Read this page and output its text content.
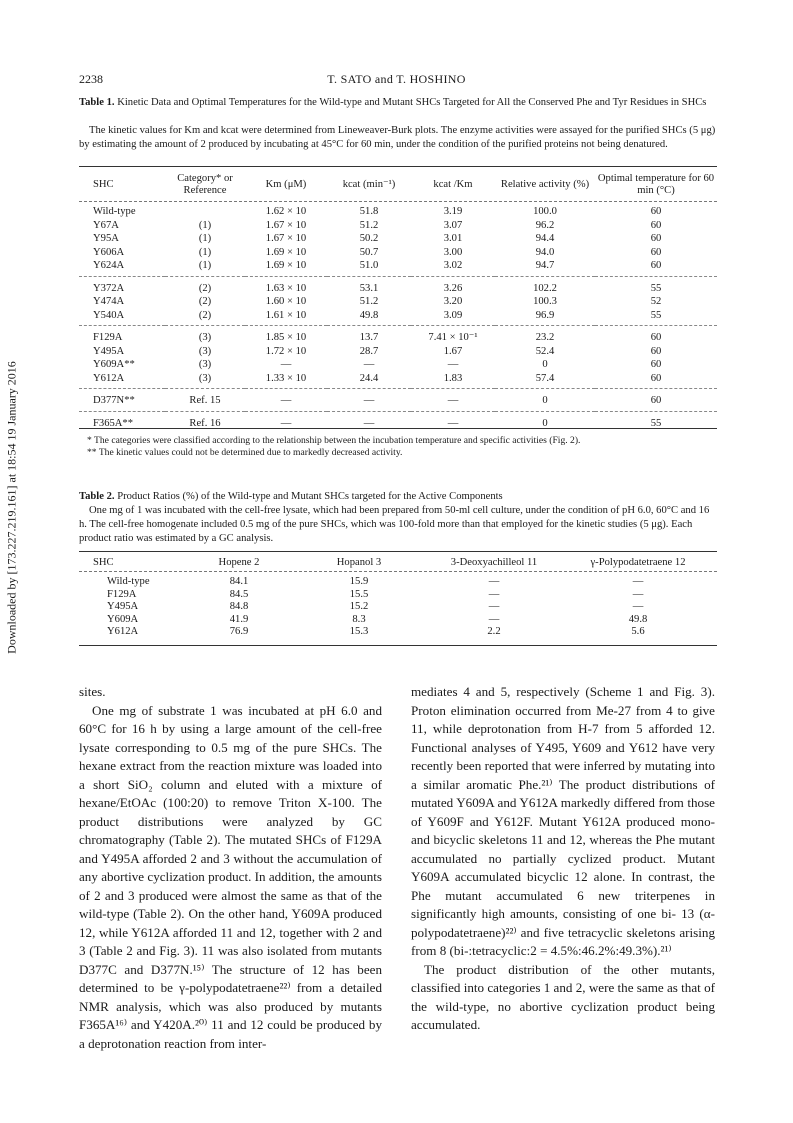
2238	T. SATO and T. HOSHINO
Downloaded by [173.227.219.161] at 18:54 19 January 2016
Table 1. Kinetic Data and Optimal Temperatures for the Wild-type and Mutant SHCs Targeted for All the Conserved Phe and Tyr Residues in SHCs
The kinetic values for Km and kcat were determined from Lineweaver-Burk plots. The enzyme activities were assayed for the purified SHCs (5 μg) by estimating the amount of 2 produced by incubating at 45°C for 60 min, under the condition of the purified proteins not being denatured.
SHC	Category* or Reference	Km (μM)	kcat (min⁻¹)	kcat /Km	Relative activity (%)	Optimal temperature for 60 min (°C)
Wild-type		1.62 × 10	51.8	3.19	100.0	60
Y67A	(1)	1.67 × 10	51.2	3.07	96.2	60
Y95A	(1)	1.67 × 10	50.2	3.01	94.4	60
Y606A	(1)	1.69 × 10	50.7	3.00	94.0	60
Y624A	(1)	1.69 × 10	51.0	3.02	94.7	60
Y372A	(2)	1.63 × 10	53.1	3.26	102.2	55
Y474A	(2)	1.60 × 10	51.2	3.20	100.3	52
Y540A	(2)	1.61 × 10	49.8	3.09	96.9	55
F129A	(3)	1.85 × 10	13.7	7.41 × 10⁻¹	23.2	60
Y495A	(3)	1.72 × 10	28.7	1.67	52.4	60
Y609A**	(3)	—	—	—	0	60
Y612A	(3)	1.33 × 10	24.4	1.83	57.4	60
D377N**	Ref. 15	—	—	—	0	60
F365A**	Ref. 16	—	—	—	0	55
* The categories were classified according to the relationship between the incubation temperature and specific activities (Fig. 2).
** The kinetic values could not be determined due to markedly decreased activity.
Table 2. Product Ratios (%) of the Wild-type and Mutant SHCs targeted for the Active Components
One mg of 1 was incubated with the cell-free lysate, which had been prepared from 50-ml cell culture, under the condition of pH 6.0, 60°C and 16 h. The cell-free homogenate included 0.5 mg of the pure SHCs, which was 100-fold more than that employed for the kinetic studies (5 μg). Each product ratio was estimated by a GC analysis.
SHC	Hopene 2	Hopanol 3	3-Deoxyachilleol 11	γ-Polypodatetraene 12
Wild-type	84.1	15.9	—	—
F129A	84.5	15.5	—	—
Y495A	84.8	15.2	—	—
Y609A	41.9	8.3	—	49.8
Y612A	76.9	15.3	2.2	5.6

sites.

One mg of substrate 1 was incubated at pH 6.0 and 60°C for 16 h by using a large amount of the cell-free lysate corresponding to 0.5 mg of the pure SHCs. The hexane extract from the reaction mixture was loaded into a short SiO₂ column and eluted with a mixture of hexane/EtOAc (100:20) to remove Triton X-100. The product distributions were analyzed by GC chromatography (Table 2). The mutated SHCs of F129A and Y495A afforded 2 and 3 without the accumulation of any abortive cyclization product. In addition, the amounts of 2 and 3 produced were almost the same as that of the wild-type (Table 2). On the other hand, Y609A produced 12, while Y612A afforded 11 and 12, together with 2 and 3 (Table 2 and Fig. 3). 11 was also isolated from mutants D377C and D377N.¹⁵⁾ The structure of 12 has been determined to be γ-polypodatetraene²²⁾ from a detailed NMR analysis, which was also produced by mutants F365A¹⁶⁾ and Y420A.²⁰⁾ 11 and 12 could be produced by a deprotonation reaction from inter-

mediates 4 and 5, respectively (Scheme 1 and Fig. 3). Proton elimination occurred from Me-27 from 4 to give 11, while deprotonation from H-7 from 5 afforded 12. Functional analyses of Y495, Y609 and Y612 have very recently been reported that were inferred by mutating into a similar aromatic Phe.²¹⁾ The product distributions of mutated Y609A and Y612A markedly differed from those of Y609F and Y612F. Mutant Y612A produced mono- and bicyclic skeletons 11 and 12, whereas the Phe mutant accumulated no partially cyclized product. Mutant Y609A accumulated bicyclic 12 alone. In contrast, the Phe mutant accumulated 6 new triterpenes in significantly high amounts, consisting of one bi- 13 (α-polypodatetraene)²²⁾ and five tetracyclic skeletons arising from 8 (bi-:tetracyclic:2 = 4.5%:46.2%:49.3%).²¹⁾

The product distribution of the other mutants, classified into categories 1 and 2, were the same as that of the wild-type, no abortive cyclization product being accumulated.
